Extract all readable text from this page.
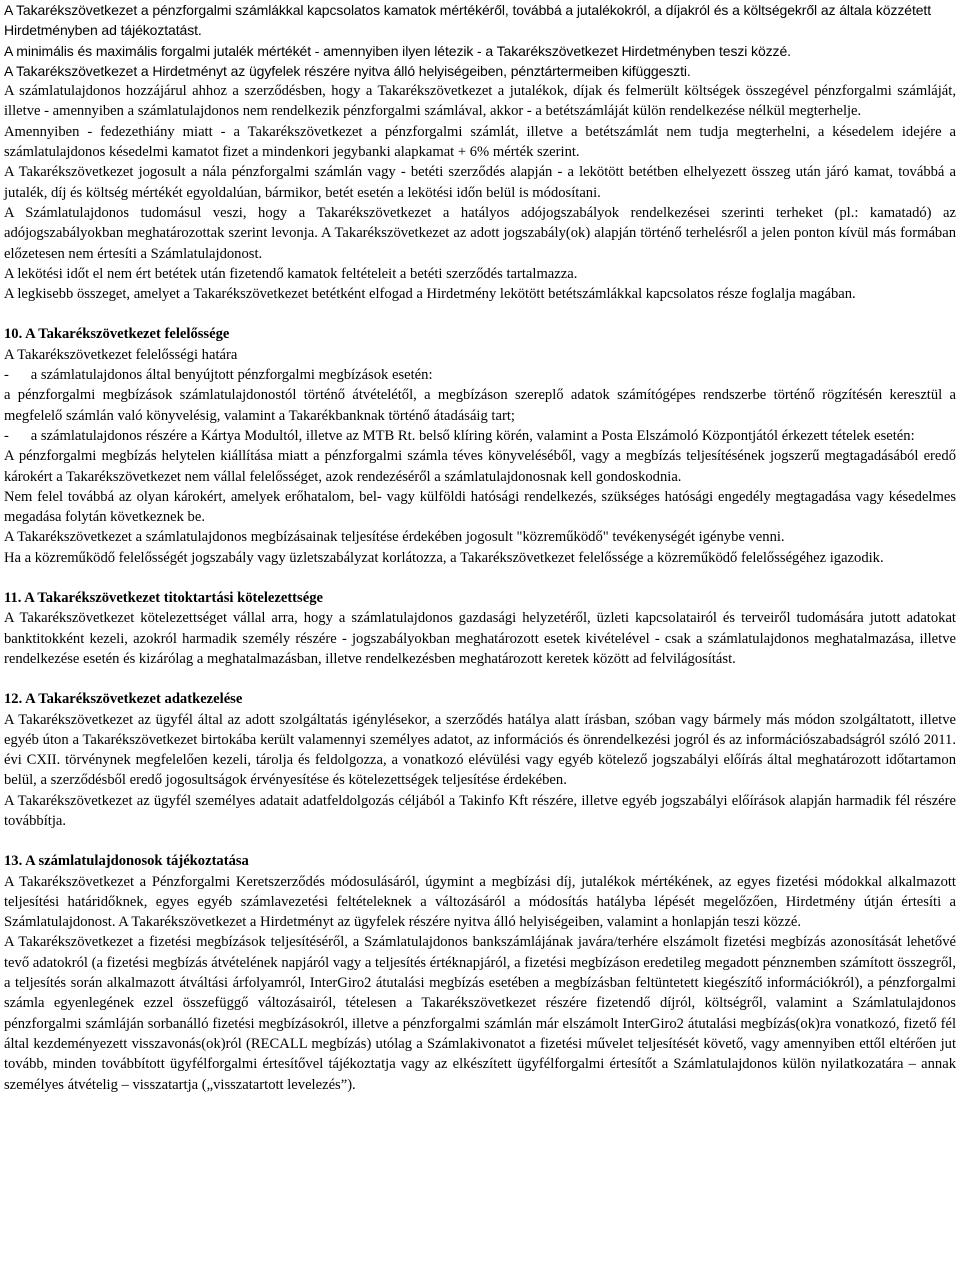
A Takarékszövetkezet a pénzforgalmi számlákkal kapcsolatos kamatok mértékéről, továbbá a jutalékokról, a díjakról és a költségekről az általa közzétett Hirdetményben ad tájékoztatást.

A minimális és maximális forgalmi jutalék mértékét - amennyiben ilyen létezik - a Takarékszövetkezet Hirdetményben teszi közzé.

A Takarékszövetkezet a Hirdetményt az ügyfelek részére nyitva álló helyiségeiben, pénztártermeiben kifüggeszti.

A számlatulajdonos hozzájárul ahhoz a szerződésben, hogy a Takarékszövetkezet a jutalékok, díjak és felmerült költségek összegével pénzforgalmi számláját, illetve - amennyiben a számlatulajdonos nem rendelkezik pénzforgalmi számlával, akkor - a betétszámláját külön rendelkezése nélkül megterhelje.

Amennyiben - fedezethiány miatt - a Takarékszövetkezet a pénzforgalmi számlát, illetve a betétszámlát nem tudja megterhelni, a késedelem idejére a számlatulajdonos késedelmi kamatot fizet a mindenkori jegybanki alapkamat + 6% mérték szerint.

A Takarékszövetkezet jogosult a nála pénzforgalmi számlán vagy - betéti szerződés alapján - a lekötött betétben elhelyezett összeg után járó kamat, továbbá a jutalék, díj és költség mértékét egyoldalúan, bármikor, betét esetén a lekötési időn belül is módosítani.

A Számlatulajdonos tudomásul veszi, hogy a Takarékszövetkezet a hatályos adójogszabályok rendelkezései szerinti terheket (pl.: kamatadó) az adójogszabályokban meghatározottak szerint levonja. A Takarékszövetkezet az adott jogszabály(ok) alapján történő terhelésről a jelen ponton kívül más formában előzetesen nem értesíti a Számlatulajdonost.

A lekötési időt el nem ért betétek után fizetendő kamatok feltételeit a betéti szerződés tartalmazza.

A legkisebb összeget, amelyet a Takarékszövetkezet betétként elfogad a Hirdetmény lekötött betétszámlákkal kapcsolatos része foglalja magában.

10. A Takarékszövetkezet felelőssége

A Takarékszövetkezet felelősségi határa

-      a számlatulajdonos által benyújtott pénzforgalmi megbízások esetén:

a pénzforgalmi megbízások számlatulajdonostól történő átvételétől, a megbízáson szereplő adatok számítógépes rendszerbe történő rögzítésén keresztül a megfelelő számlán való könyvelésig, valamint a Takarékbanknak történő átadásáig tart;

-      a számlatulajdonos részére a Kártya Modultól, illetve az MTB Rt. belső klíring körén, valamint a Posta Elszámoló Központjától érkezett tételek esetén:

A pénzforgalmi megbízás helytelen kiállítása miatt a pénzforgalmi számla téves könyveléséből, vagy a megbízás teljesítésének jogszerű megtagadásából eredő károkért a Takarékszövetkezet nem vállal felelősséget, azok rendezéséről a számlatulajdonosnak kell gondoskodnia.

Nem felel továbbá az olyan károkért, amelyek erőhatalom, bel- vagy külföldi hatósági rendelkezés, szükséges hatósági engedély megtagadása vagy késedelmes megadása folytán következnek be.

A Takarékszövetkezet a számlatulajdonos megbízásainak teljesítése érdekében jogosult "közreműködő" tevékenységét igénybe venni.

Ha a közreműködő felelősségét jogszabály vagy üzletszabályzat korlátozza, a Takarékszövetkezet felelőssége a közreműködő felelősségéhez igazodik.

11. A Takarékszövetkezet titoktartási kötelezettsége

A Takarékszövetkezet kötelezettséget vállal arra, hogy a számlatulajdonos gazdasági helyzetéről, üzleti kapcsolatairól és terveiről tudomására jutott adatokat banktitokként kezeli, azokról harmadik személy részére - jogszabályokban meghatározott esetek kivételével - csak a számlatulajdonos meghatalmazása, illetve rendelkezése esetén és kizárólag a meghatalmazásban, illetve rendelkezésben meghatározott keretek között ad felvilágosítást.

12. A Takarékszövetkezet adatkezelése

A Takarékszövetkezet az ügyfél által az adott szolgáltatás igénylésekor, a szerződés hatálya alatt írásban, szóban vagy bármely más módon szolgáltatott, illetve egyéb úton a Takarékszövetkezet birtokába került valamennyi személyes adatot, az információs és önrendelkezési jogról és az információszabadságról szóló 2011. évi CXII. törvénynek megfelelően kezeli, tárolja és feldolgozza, a vonatkozó elévülési vagy egyéb kötelező jogszabályi előírás által meghatározott időtartamon belül, a szerződésből eredő jogosultságok érvényesítése és kötelezettségek teljesítése érdekében.

A Takarékszövetkezet az ügyfél személyes adatait adatfeldolgozás céljából a Takinfo Kft részére, illetve egyéb jogszabályi előírások alapján harmadik fél részére továbbítja.

13. A számlatulajdonosok tájékoztatása

A Takarékszövetkezet a Pénzforgalmi Keretszerződés módosulásáról, úgymint a megbízási díj, jutalékok mértékének, az egyes fizetési módokkal alkalmazott teljesítési határidőknek, egyes egyéb számlavezetési feltételeknek a változásáról a módosítás hatályba lépését megelőzően, Hirdetmény útján értesíti a Számlatulajdonost. A Takarékszövetkezet a Hirdetményt az ügyfelek részére nyitva álló helyiségeiben, valamint a honlapján teszi közzé.

A Takarékszövetkezet a fizetési megbízások teljesítéséről, a Számlatulajdonos bankszámlájának javára/terhére elszámolt fizetési megbízás azonosítását lehetővé tevő adatokról (a fizetési megbízás átvételének napjáról vagy a teljesítés értéknapjáról, a fizetési megbízáson eredetileg megadott pénznemben számított összegről, a teljesítés során alkalmazott átváltási árfolyamról, InterGiro2 átutalási megbízás esetében a megbízásban feltüntetett kiegészítő információkról), a pénzforgalmi számla egyenlegének ezzel összefüggő változásairól, tételesen a Takarékszövetkezet részére fizetendő díjról, költségről, valamint a Számlatulajdonos pénzforgalmi számláján sorbanálló fizetési megbízásokról, illetve a pénzforgalmi számlán már elszámolt InterGiro2 átutalási megbízás(ok)ra vonatkozó, fizető fél által kezdeményezett visszavonás(ok)ról (RECALL megbízás) utólag a Számlakivonatot a fizetési művelet teljesítését követő, vagy amennyiben ettől eltérően jut tovább, minden továbbított ügyfélforgalmi értesítővel tájékoztatja vagy az elkészített ügyfélforgalmi értesítőt a Számlatulajdonos külön nyilatkozatára – annak személyes átvételig – visszatartja („visszatartott levelezés”).
